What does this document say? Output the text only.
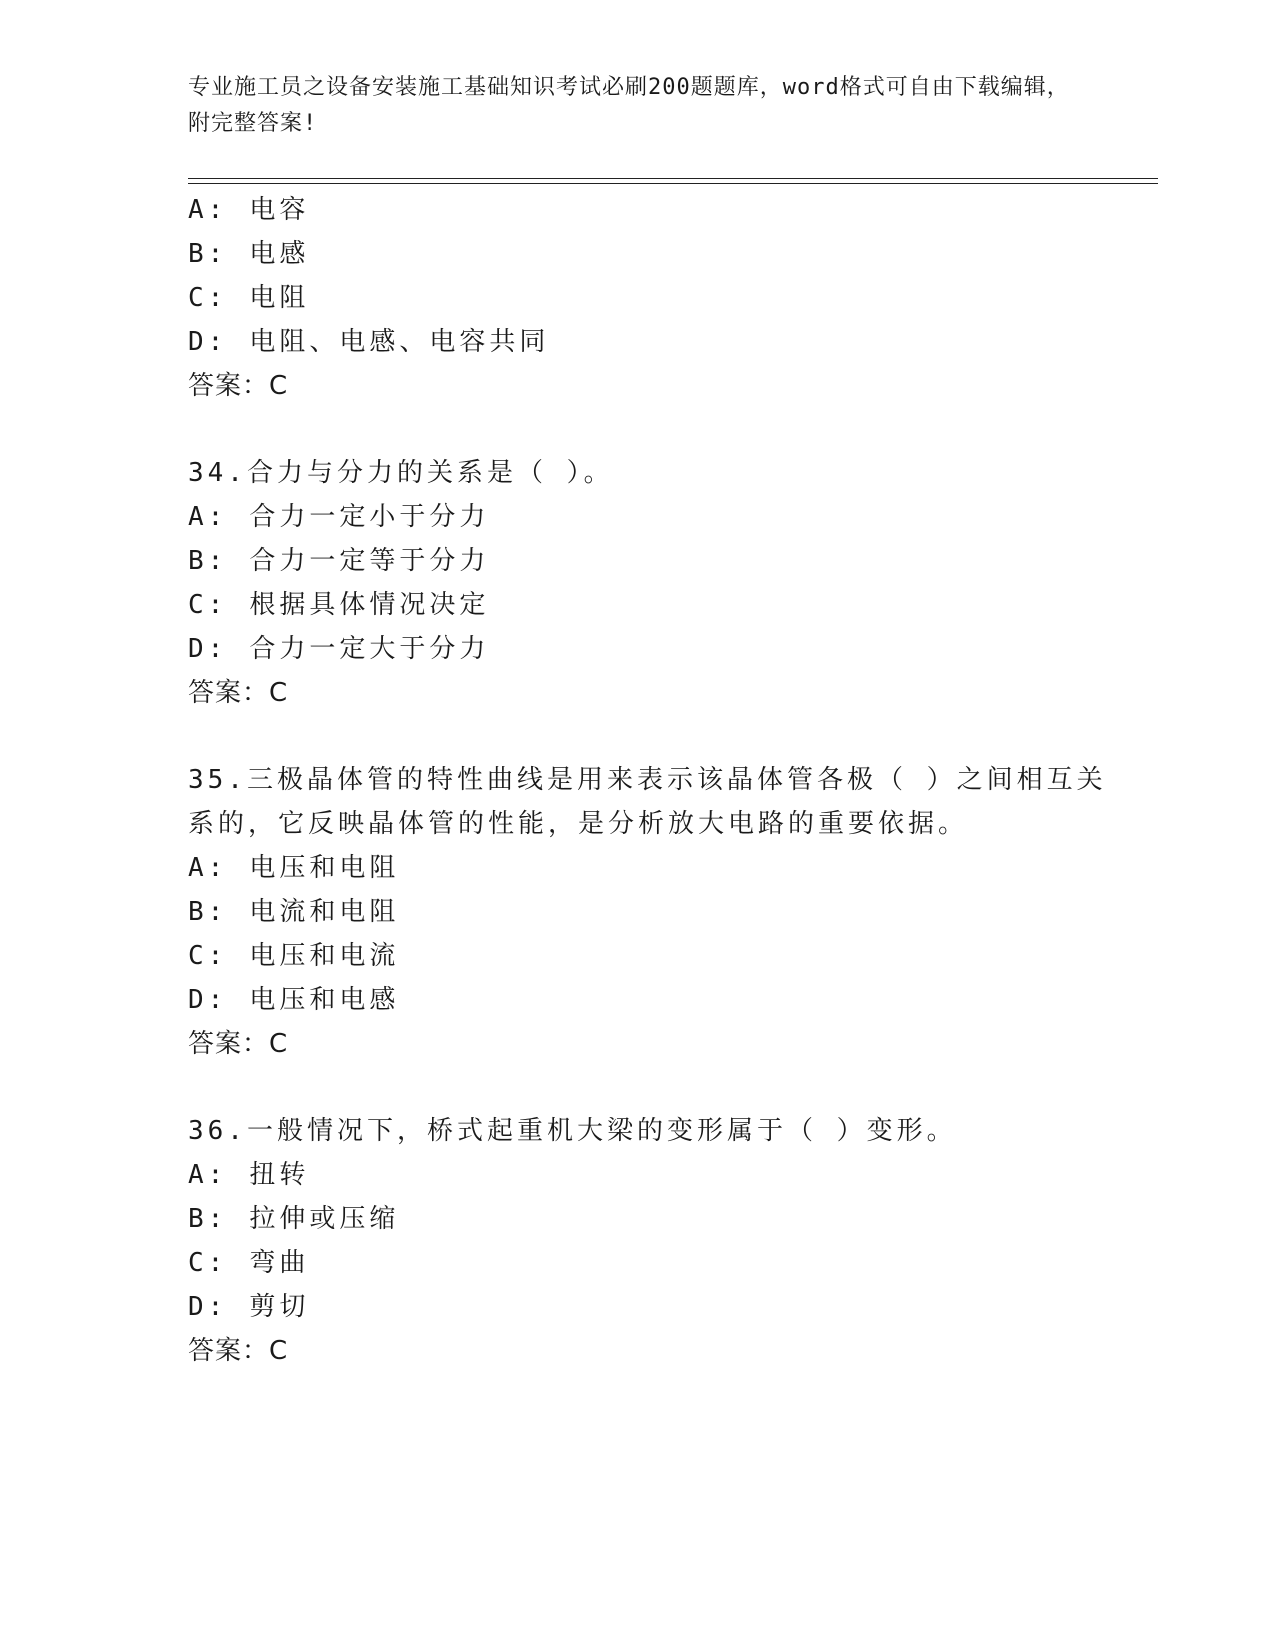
专业施工员之设备安装施工基础知识考试必刷200题题库，word格式可自由下载编辑，附完整答案!
A: 电容
B: 电感
C: 电阻
D: 电阻、电感、电容共同
答案：C
34.合力与分力的关系是（ ）。
A: 合力一定小于分力
B: 合力一定等于分力
C: 根据具体情况决定
D: 合力一定大于分力
答案：C
35.三极晶体管的特性曲线是用来表示该晶体管各极（ ）之间相互关
系的，它反映晶体管的性能，是分析放大电路的重要依据。
A: 电压和电阻
B: 电流和电阻
C: 电压和电流
D: 电压和电感
答案：C
36.一般情况下，桥式起重机大梁的变形属于（ ）变形。
A: 扭转
B: 拉伸或压缩
C: 弯曲
D: 剪切
答案：C
